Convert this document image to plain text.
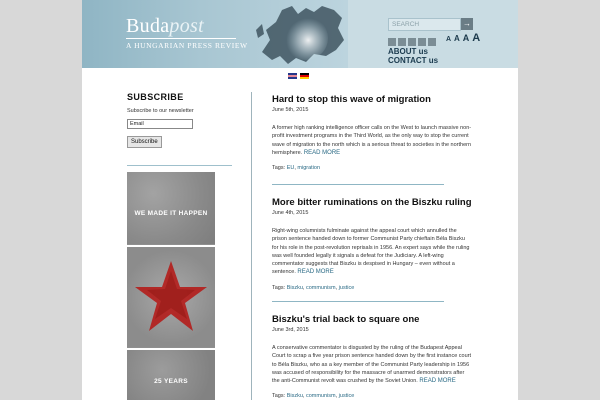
Budapost
A HUNGARIAN PRESS REVIEW
SEARCH	→
A A A A
ABOUT us
CONTACT us
SUBSCRIBE
Subscribe to our newsletter
Email
Subscribe
WE MADE IT HAPPEN
25 YEARS
Hard to stop this wave of migration
June 5th, 2015
A former high ranking intelligence officer calls on the West to launch massive non-profit investment programs in the Third World, as the only way to stop the current wave of migration to the north which is a serious threat to societies in the northern hemisphere. READ MORE
Tags: EU, migration
More bitter ruminations on the Biszku ruling
June 4th, 2015
Right-wing columnists fulminate against the appeal court which annulled the prison sentence handed down to former Communist Party chieftain Béla Biszku for his role in the post-revolution reprisals in 1956. An expert says while the ruling was well founded legally it signals a defeat for the Judiciary. A left-wing commentator suggests that Biszku is despised in Hungary – even without a sentence. READ MORE
Tags: Biszku, communism, justice
Biszku's trial back to square one
June 3rd, 2015
A conservative commentator is disgusted by the ruling of the Budapest Appeal Court to scrap a five year prison sentence handed down by the first instance court to Béla Biszku, who as a key member of the Communist Party leadership in 1956 was accused of responsibility for the massacre of unarmed demonstrators after the anti-Communist revolt was crushed by the Soviet Union. READ MORE
Tags: Biszku, communism, justice
